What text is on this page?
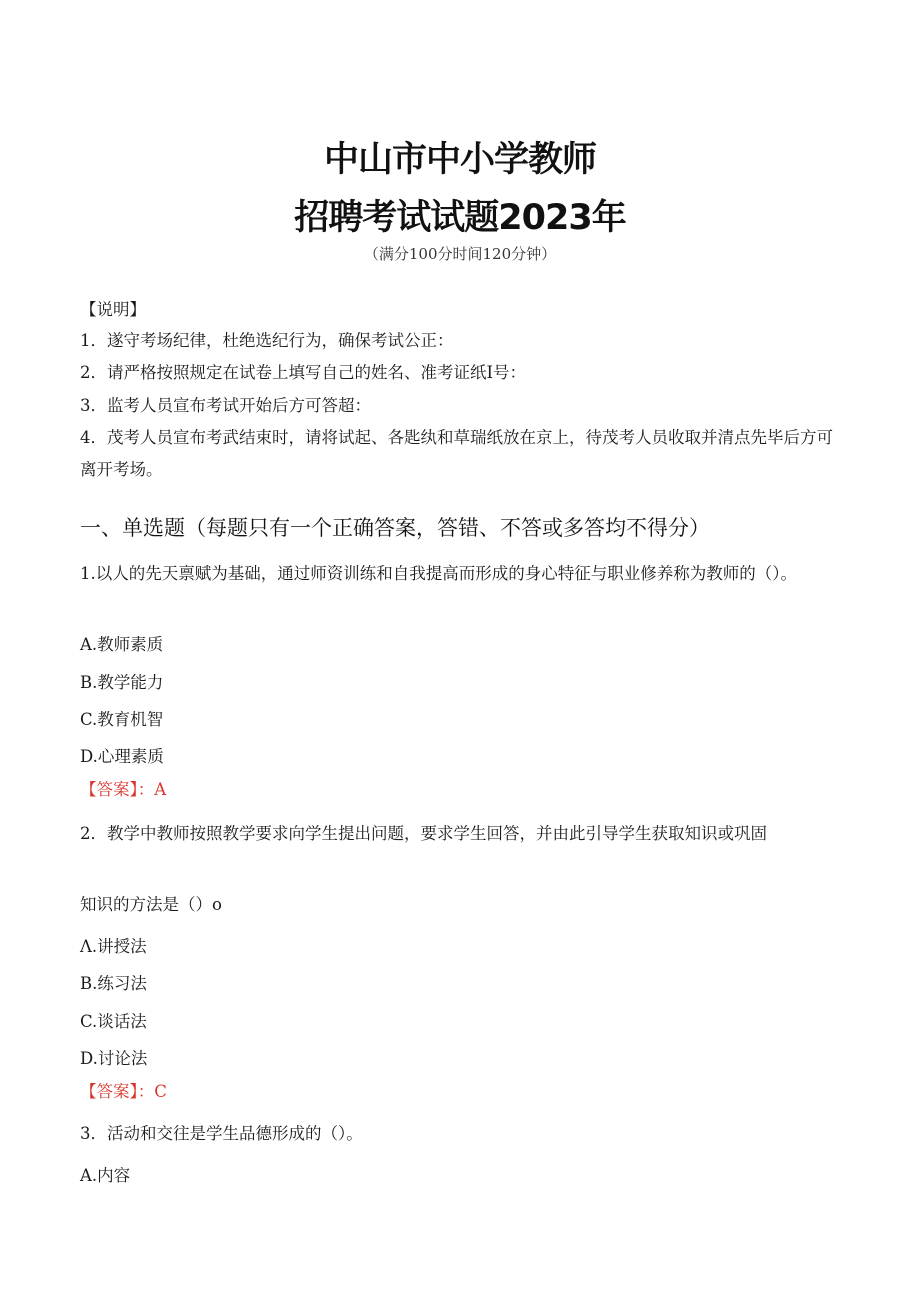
中山市中小学教师
招聘考试试题2023年
（满分100分时间120分钟）
【说明】
1．遂守考场纪律，杜绝选纪行为，确保考试公正：
2．请严格按照规定在试卷上填写自己的姓名、准考证纸I号：
3．监考人员宣布考试开始后方可答超：
4．茂考人员宣布考武结束时，请将试起、各匙纨和草瑞纸放在京上，待茂考人员收取并清点先毕后方可离开考场。
一、单选题（每题只有一个正确答案，答错、不答或多答均不得分）
1.以人的先天禀赋为基础，通过师资训练和自我提高而形成的身心特征与职业修养称为教师的（）。
A.教师素质
B.教学能力
C.教育机智
D.心理素质
【答案】：A
2．教学中教师按照教学要求向学生提出问题，要求学生回答，并由此引导学生获取知识或巩固
知识的方法是（）o
Λ.讲授法
B.练习法
C.谈话法
D.讨论法
【答案】：C
3．活动和交往是学生品德形成的（）。
A.内容
